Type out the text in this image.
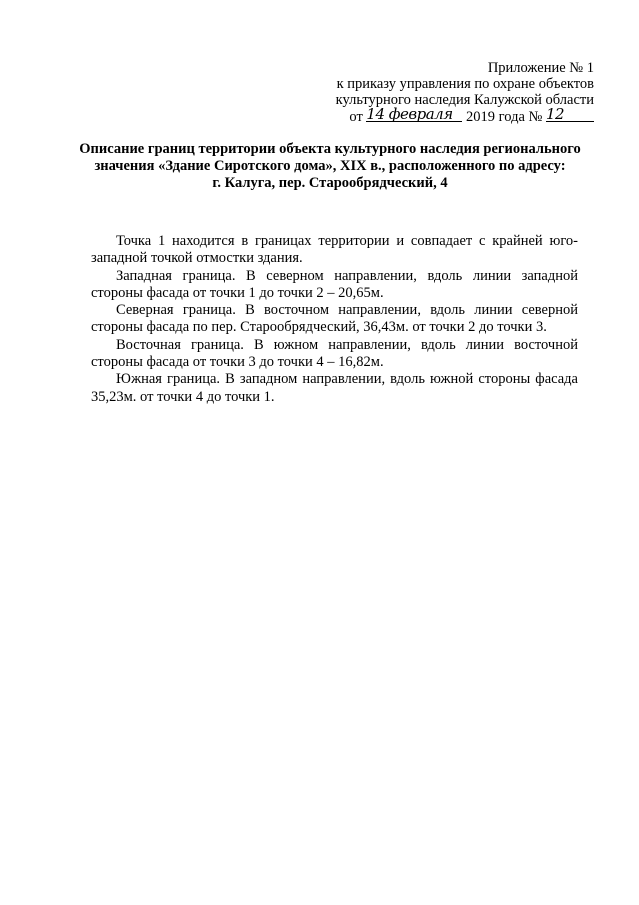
Приложение № 1
к приказу управления по охране объектов
культурного наследия Калужской области
от 14 февраля 2019 года № 12
Описание границ территории объекта культурного наследия регионального
значения «Здание Сиротского дома», XIX в., расположенного по адресу:
г. Калуга, пер. Старообрядческий, 4

Точка 1 находится в границах территории и совпадает с крайней юго-западной точкой отмостки здания.

Западная граница. В северном направлении, вдоль линии западной стороны фасада от точки 1 до точки 2 – 20,65м.

Северная граница. В восточном направлении, вдоль линии северной стороны фасада по пер. Старообрядческий, 36,43м. от точки 2 до точки 3.

Восточная граница. В южном направлении, вдоль линии восточной стороны фасада от точки 3 до точки 4 – 16,82м.

Южная граница. В западном направлении, вдоль южной стороны фасада 35,23м. от точки 4 до точки 1.
